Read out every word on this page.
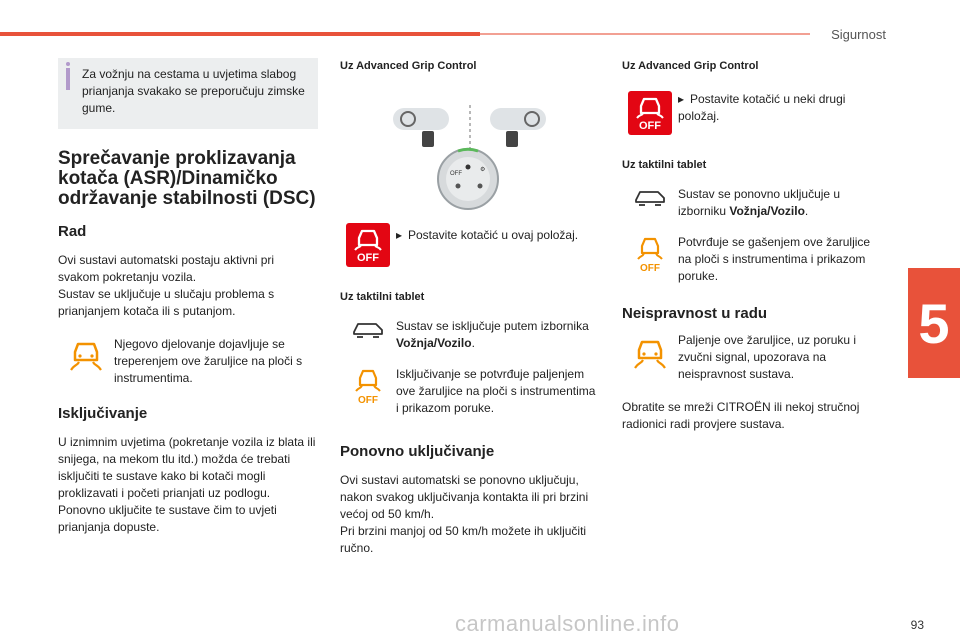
Sigurnost
5
93
carmanualsonline.info

Za vožnju na cestama u uvjetima slabog prianjanja svakako se preporučuju zimske gume.

Sprečavanje proklizavanja kotača (ASR)/Dinamičko održavanje stabilnosti (DSC)
Rad

Ovi sustavi automatski postaju aktivni pri svakom pokretanju vozila.

Sustav se uključuje u slučaju problema s prianjanjem kotača ili s putanjom.

Njegovo djelovanje dojavljuje se treperenjem ove žaruljice na ploči s instrumentima.

Isključivanje

U iznimnim uvjetima (pokretanje vozila iz blata ili snijega, na mekom tlu itd.) možda će trebati isključiti te sustave kako bi kotači mogli proklizavati i početi prianjati uz podlogu.

Ponovno uključite te sustave čim to uvjeti prianjanja dopuste.

Uz Advanced Grip Control
OFF
⚙
OFF

▸ Postavite kotačić u ovaj položaj.

Uz taktilni tablet

Sustav se isključuje putem izbornika Vožnja/Vozilo.

OFF

Isključivanje se potvrđuje paljenjem ove žaruljice na ploči s instrumentima i prikazom poruke.

Ponovno uključivanje

Ovi sustavi automatski se ponovno uključuju, nakon svakog uključivanja kontakta ili pri brzini većoj od 50 km/h.

Pri brzini manjoj od 50 km/h možete ih uključiti ručno.

Uz Advanced Grip Control
OFF

▸ Postavite kotačić u neki drugi položaj.

Uz taktilni tablet

Sustav se ponovno uključuje u izborniku Vožnja/Vozilo.

OFF

Potvrđuje se gašenjem ove žaruljice na ploči s instrumentima i prikazom poruke.

Neispravnost u radu

Paljenje ove žaruljice, uz poruku i zvučni signal, upozorava na neispravnost sustava.

Obratite se mreži CITROËN ili nekoj stručnoj radionici radi provjere sustava.
